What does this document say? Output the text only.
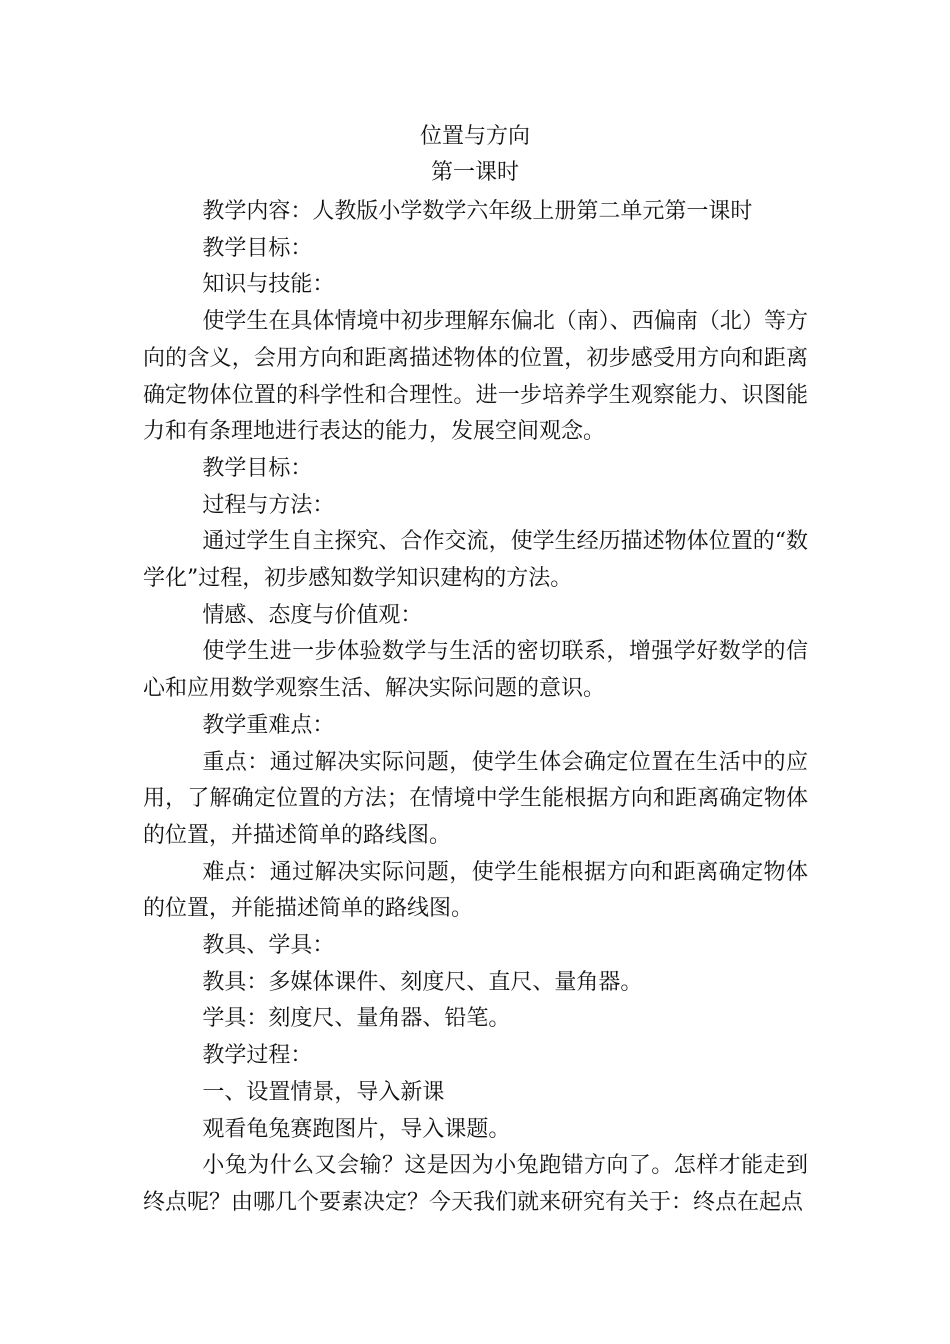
位置与方向
第一课时

教学内容：人教版小学数学六年级上册第二单元第一课时

教学目标：

知识与技能：

使学生在具体情境中初步理解东偏北（南）、西偏南（北）等方向的含义，会用方向和距离描述物体的位置，初步感受用方向和距离确定物体位置的科学性和合理性。进一步培养学生观察能力、识图能力和有条理地进行表达的能力，发展空间观念。

教学目标：

过程与方法：

通过学生自主探究、合作交流，使学生经历描述物体位置的“数学化”过程，初步感知数学知识建构的方法。

情感、态度与价值观：

使学生进一步体验数学与生活的密切联系，增强学好数学的信心和应用数学观察生活、解决实际问题的意识。

教学重难点：

重点：通过解决实际问题，使学生体会确定位置在生活中的应用，了解确定位置的方法；在情境中学生能根据方向和距离确定物体的位置，并描述简单的路线图。

难点：通过解决实际问题，使学生能根据方向和距离确定物体的位置，并能描述简单的路线图。

教具、学具：

教具：多媒体课件、刻度尺、直尺、量角器。

学具：刻度尺、量角器、铅笔。

教学过程：

一、设置情景，导入新课

观看龟兔赛跑图片，导入课题。

小兔为什么又会输？这是因为小兔跑错方向了。怎样才能走到终点呢？由哪几个要素决定？今天我们就来研究有关于：终点在起点
